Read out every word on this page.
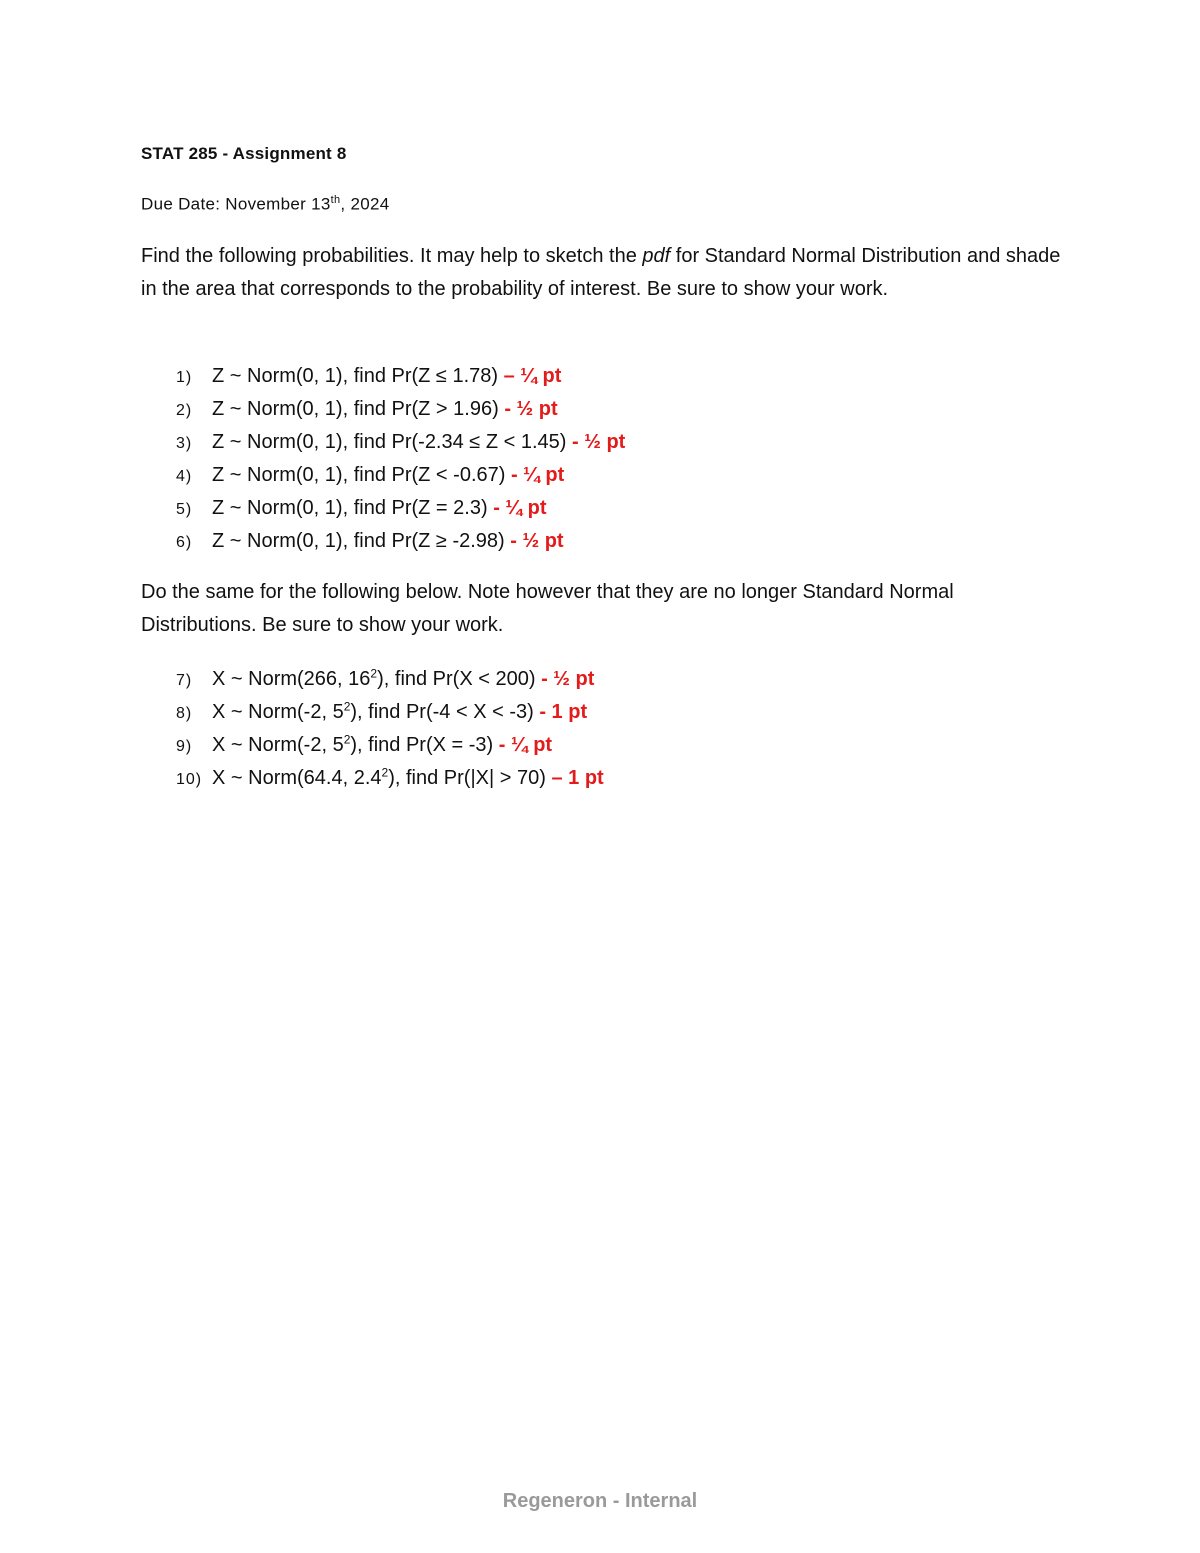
STAT 285 - Assignment 8
Due Date: November 13th, 2024
Find the following probabilities. It may help to sketch the pdf for Standard Normal Distribution and shade in the area that corresponds to the probability of interest. Be sure to show your work.
1) Z ~ Norm(0, 1), find Pr(Z ≤ 1.78) – ¼ pt
2) Z ~ Norm(0, 1), find Pr(Z > 1.96) - ½ pt
3) Z ~ Norm(0, 1), find Pr(-2.34 ≤ Z < 1.45) - ½ pt
4) Z ~ Norm(0, 1), find Pr(Z < -0.67) - ¼ pt
5) Z ~ Norm(0, 1), find Pr(Z = 2.3) - ¼ pt
6) Z ~ Norm(0, 1), find Pr(Z ≥ -2.98) - ½ pt
Do the same for the following below. Note however that they are no longer Standard Normal Distributions. Be sure to show your work.
7) X ~ Norm(266, $16^2$), find Pr(X < 200) - ½ pt
8) X ~ Norm(-2, $5^2$), find Pr(-4 < X < -3) - 1 pt
9) X ~ Norm(-2, $5^2$), find Pr(X = -3) - ¼ pt
10) X ~ Norm(64.4, $2.4^2$), find Pr(|X| > 70) – 1 pt
Regeneron - Internal
